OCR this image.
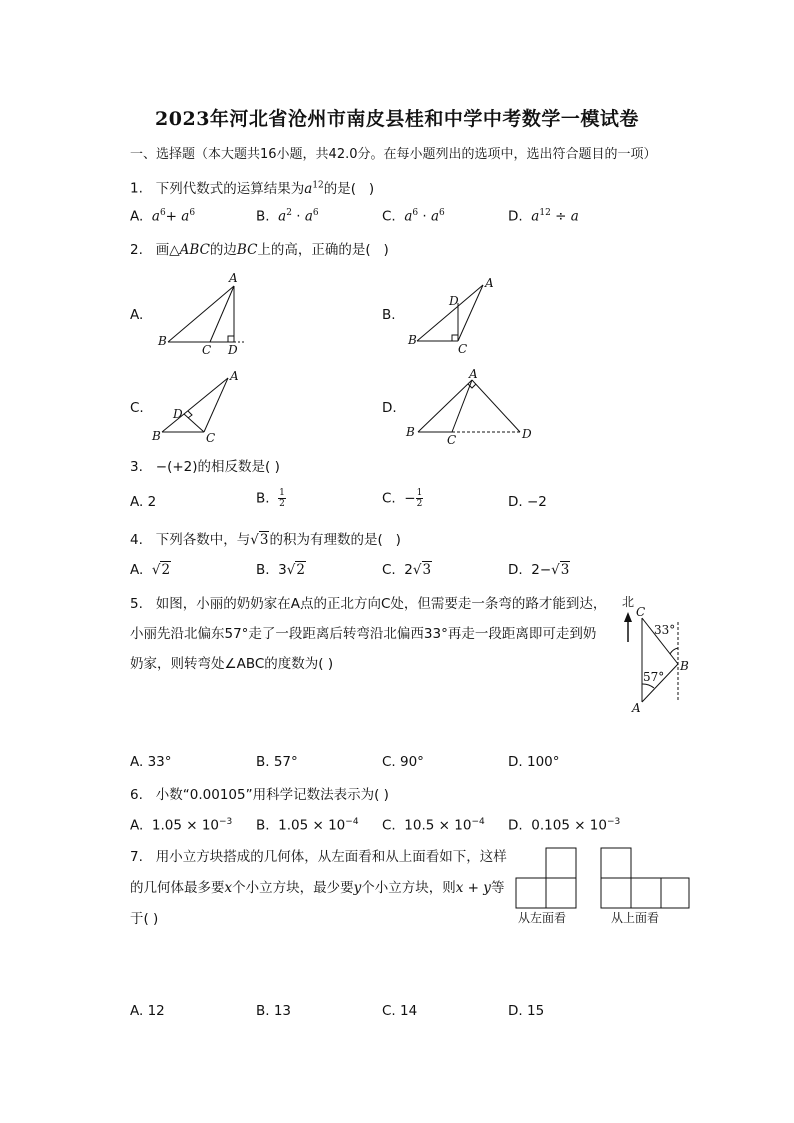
2023年河北省沧州市南皮县桂和中学中考数学一模试卷
一、选择题（本大题共16小题，共42.0分。在每小题列出的选项中，选出符合题目的一项）
1. 下列代数式的运算结果为$a^{12}$的是(   )
A.  $a^6+ a^6$	B.  $a^2 \cdot a^6$	C.  $a^6 \cdot a^6$	D.  $a^{12} \div a$
2. 画△ABC的边BC上的高，正确的是(   )
A.
A
B
C D
B.
A
B
C
D
C.
A
B	C
D	D.
A
B
C	D
3. −(+2)的相反数是( )
A. 2	B. $\frac{1}{2}$	C.  − $\frac{1}{2}$	D. −2
4. 下列各数中，与√3的积为有理数的是(   )
A.  √2	B.  3√2	C.  2√3	D.  2−√3
5. 如图，小丽的奶奶家在A点的正北方向C处，但需要走一条弯的路才能到达，
小丽先沿北偏东57°走了一段距离后转弯沿北偏西33°再走一段距离即可走到奶
奶家，则转弯处∠ABC的度数为( )
北
C
B
A
33°
57°
A. 33°	B. 57°	C. 90°	D. 100°
6. 小数“0.00105”用科学记数法表示为( )
A.  $1.05 \times 10^{-3}$ B.  $1.05 \times 10^{-4}$ C.  $10.5 \times 10^{-4}$ D.  $0.105 \times 10^{-3}$
7. 用小立方块搭成的几何体，从左面看和从上面看如下，这样
的几何体最多要x个小立方块，最少要y个小立方块，则x + y等
于( )	从左面看	从上面看
A. 12	B. 13	C. 14	D. 15
